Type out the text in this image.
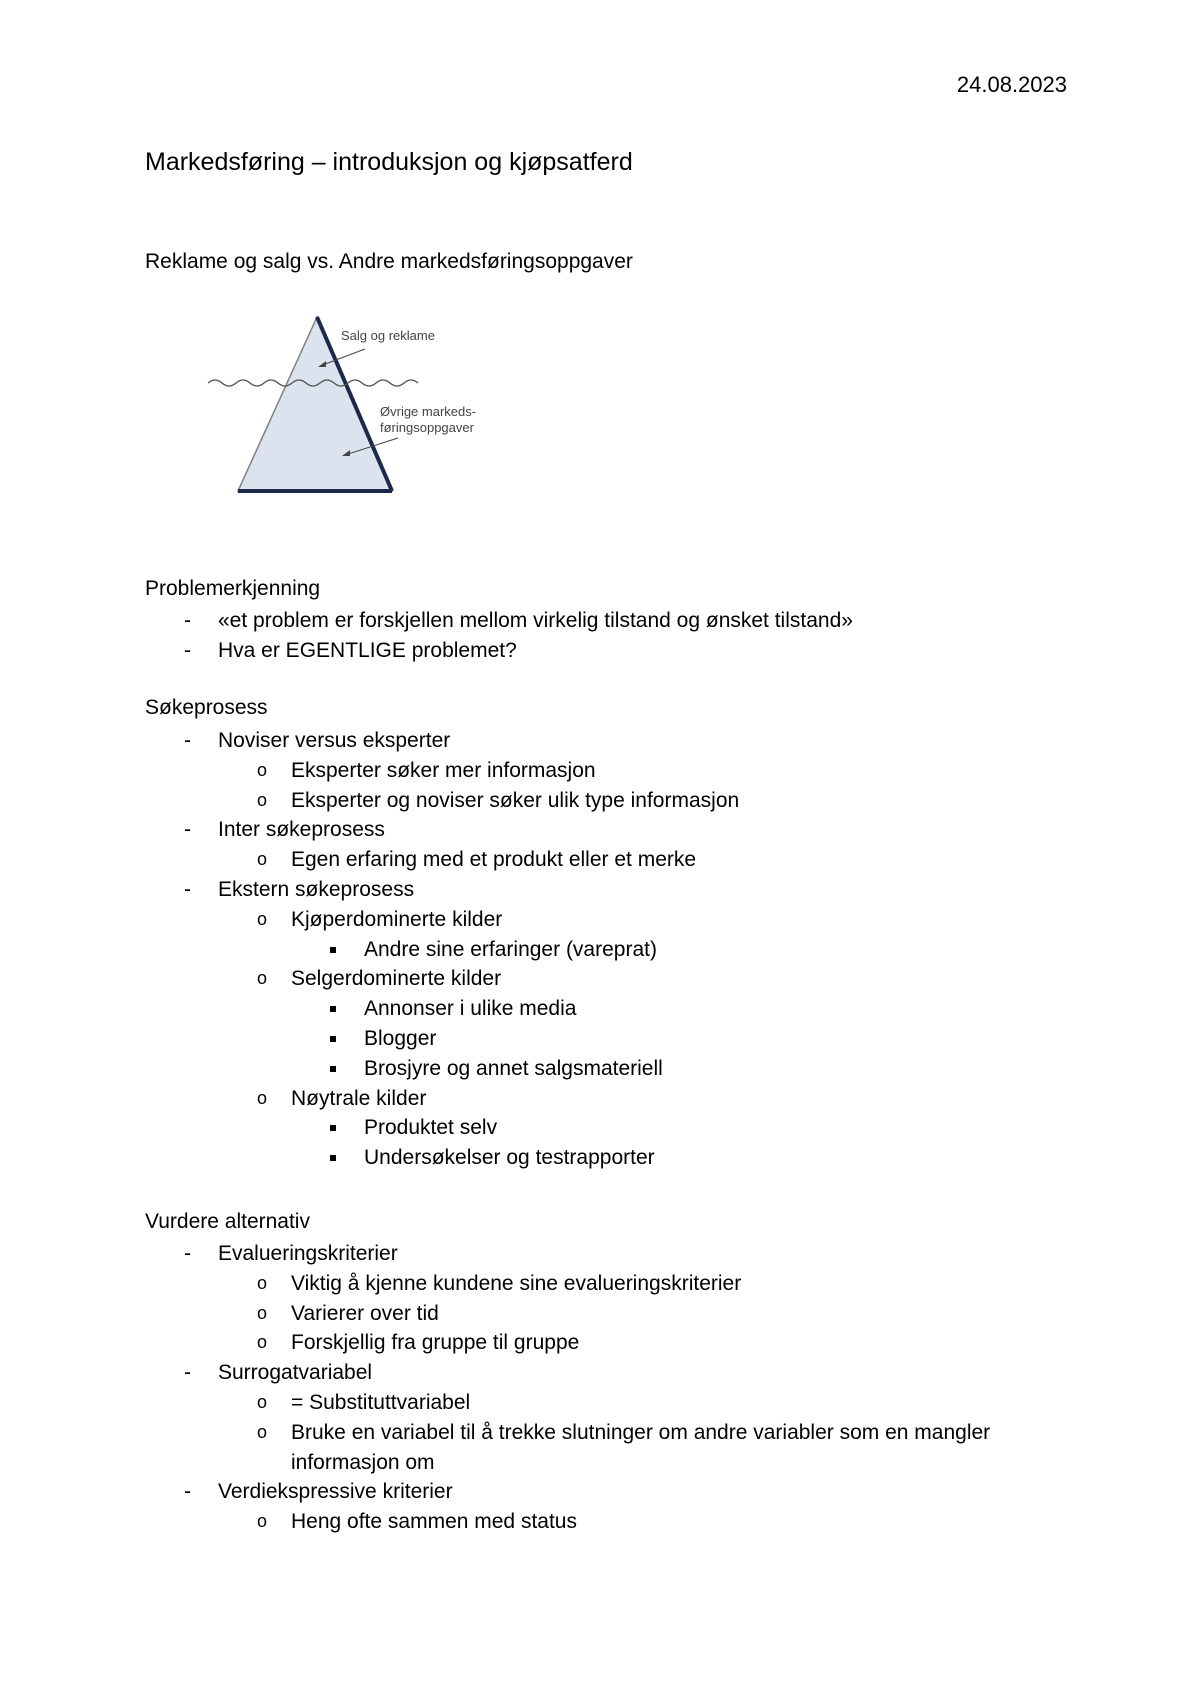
24.08.2023
Markedsføring – introduksjon og kjøpsatferd
Reklame og salg vs. Andre markedsføringsoppgaver
Salg og reklame
Øvrige markeds-
føringsoppgaver
Problemerkjenning
- «et problem er forskjellen mellom virkelig tilstand og ønsket tilstand»
- Hva er EGENTLIGE problemet?
Søkeprosess
- Noviser versus eksperter
o Eksperter søker mer informasjon
o Eksperter og noviser søker ulik type informasjon
- Inter søkeprosess
o Egen erfaring med et produkt eller et merke
- Ekstern søkeprosess
o Kjøperdominerte kilder
Andre sine erfaringer (vareprat)
o Selgerdominerte kilder
Annonser i ulike media
Blogger
Brosjyre og annet salgsmateriell
o Nøytrale kilder
Produktet selv
Undersøkelser og testrapporter
Vurdere alternativ
- Evalueringskriterier
o Viktig å kjenne kundene sine evalueringskriterier
o Varierer over tid
o Forskjellig fra gruppe til gruppe
- Surrogatvariabel
o = Substituttvariabel
o Bruke en variabel til å trekke slutninger om andre variabler som en mangler informasjon om
- Verdiekspressive kriterier
o Heng ofte sammen med status
